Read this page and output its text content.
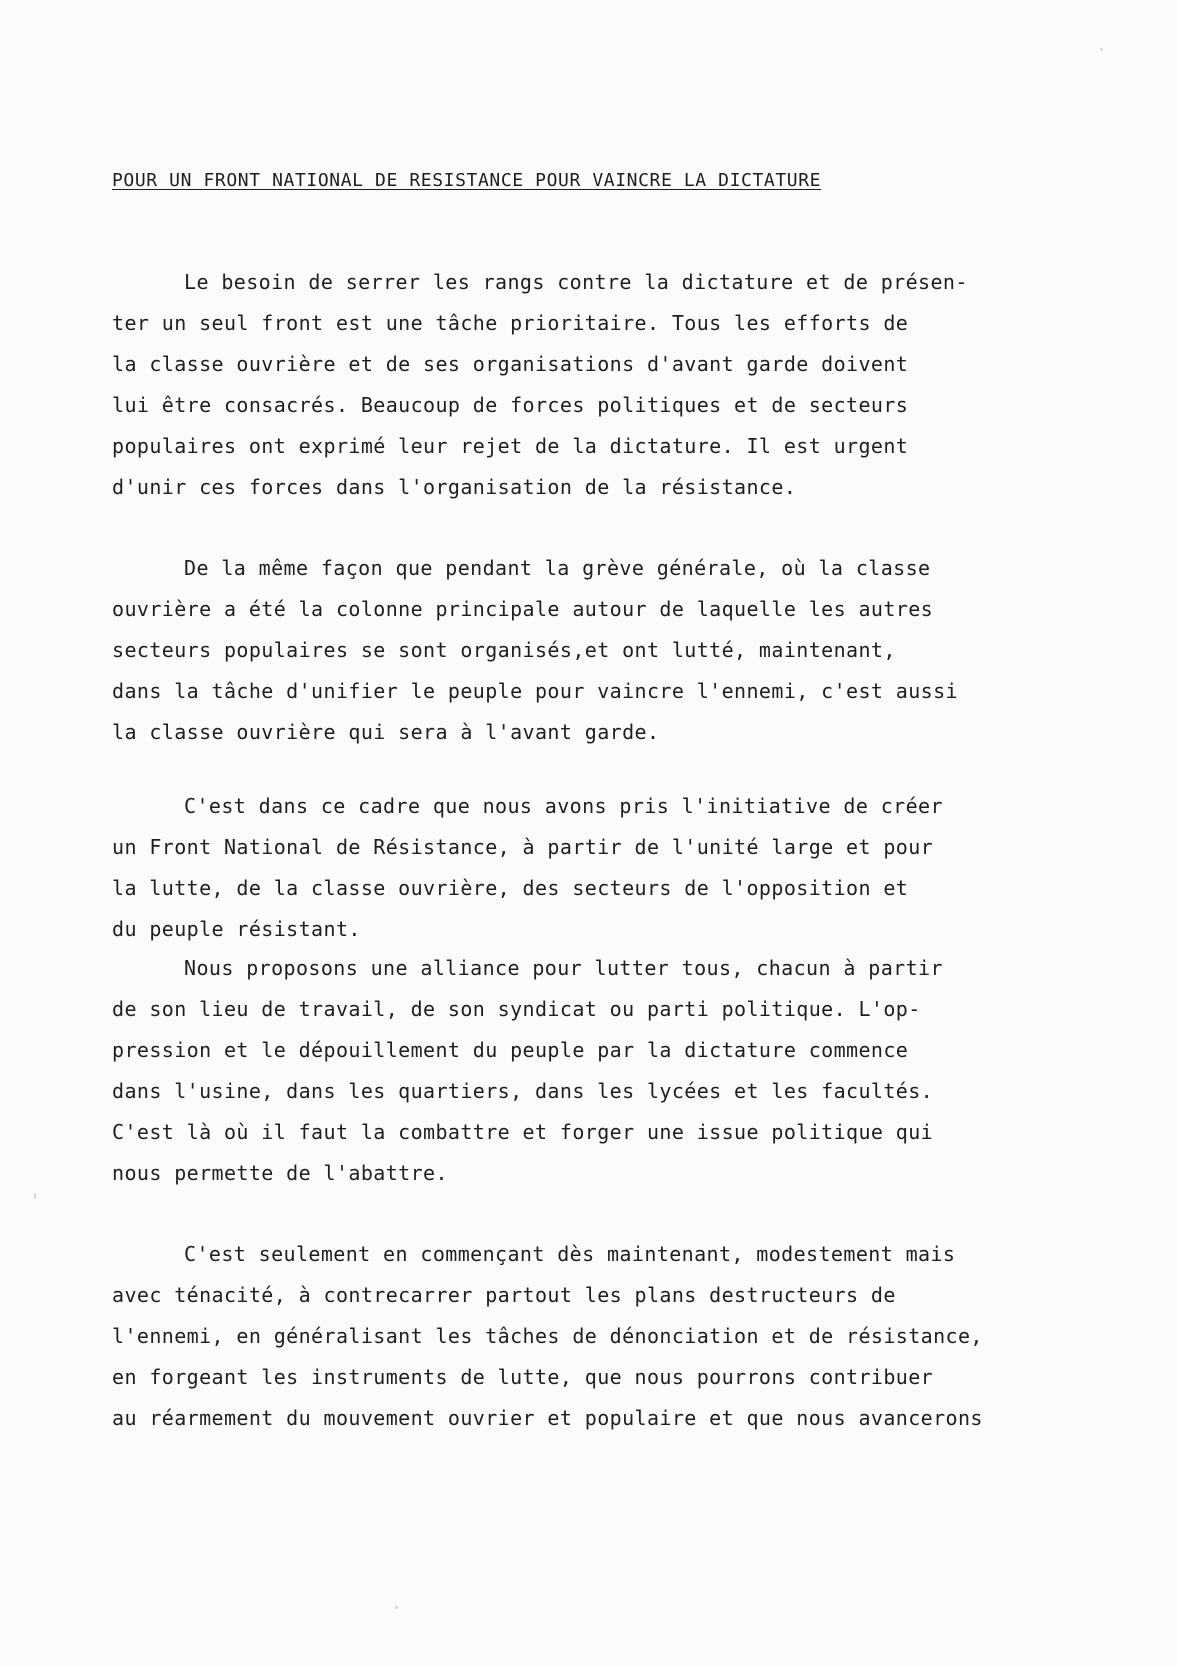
POUR UN FRONT NATIONAL DE RESISTANCE POUR VAINCRE LA DICTATURE
Le besoin de serrer les rangs contre la dictature et de présen-
ter un seul front est une tâche prioritaire. Tous les efforts de
la classe ouvrière et de ses organisations d'avant garde doivent
lui être consacrés. Beaucoup de forces politiques et de secteurs
populaires ont exprimé leur rejet de la dictature. Il est urgent
d'unir ces forces dans l'organisation de la résistance.
De la même façon que pendant la grève générale, où la classe
ouvrière a été la colonne principale autour de laquelle les autres
secteurs populaires se sont organisés,et ont lutté, maintenant,
dans la tâche d'unifier le peuple pour vaincre l'ennemi, c'est aussi
la classe ouvrière qui sera à l'avant garde.
C'est dans ce cadre que nous avons pris l'initiative de créer
un Front National de Résistance, à partir de l'unité large et pour
la lutte, de la classe ouvrière, des secteurs de l'opposition et
du peuple résistant.
Nous proposons une alliance pour lutter tous, chacun à partir
de son lieu de travail, de son syndicat ou parti politique. L'op-
pression et le dépouillement du peuple par la dictature commence
dans l'usine, dans les quartiers, dans les lycées et les facultés.
C'est là où il faut la combattre et forger une issue politique qui
nous permette de l'abattre.
C'est seulement en commençant dès maintenant, modestement mais
avec ténacité, à contrecarrer partout les plans destructeurs de
l'ennemi, en généralisant les tâches de dénonciation et de résistance,
en forgeant les instruments de lutte, que nous pourrons contribuer
au réarmement du mouvement ouvrier et populaire et que nous avancerons
